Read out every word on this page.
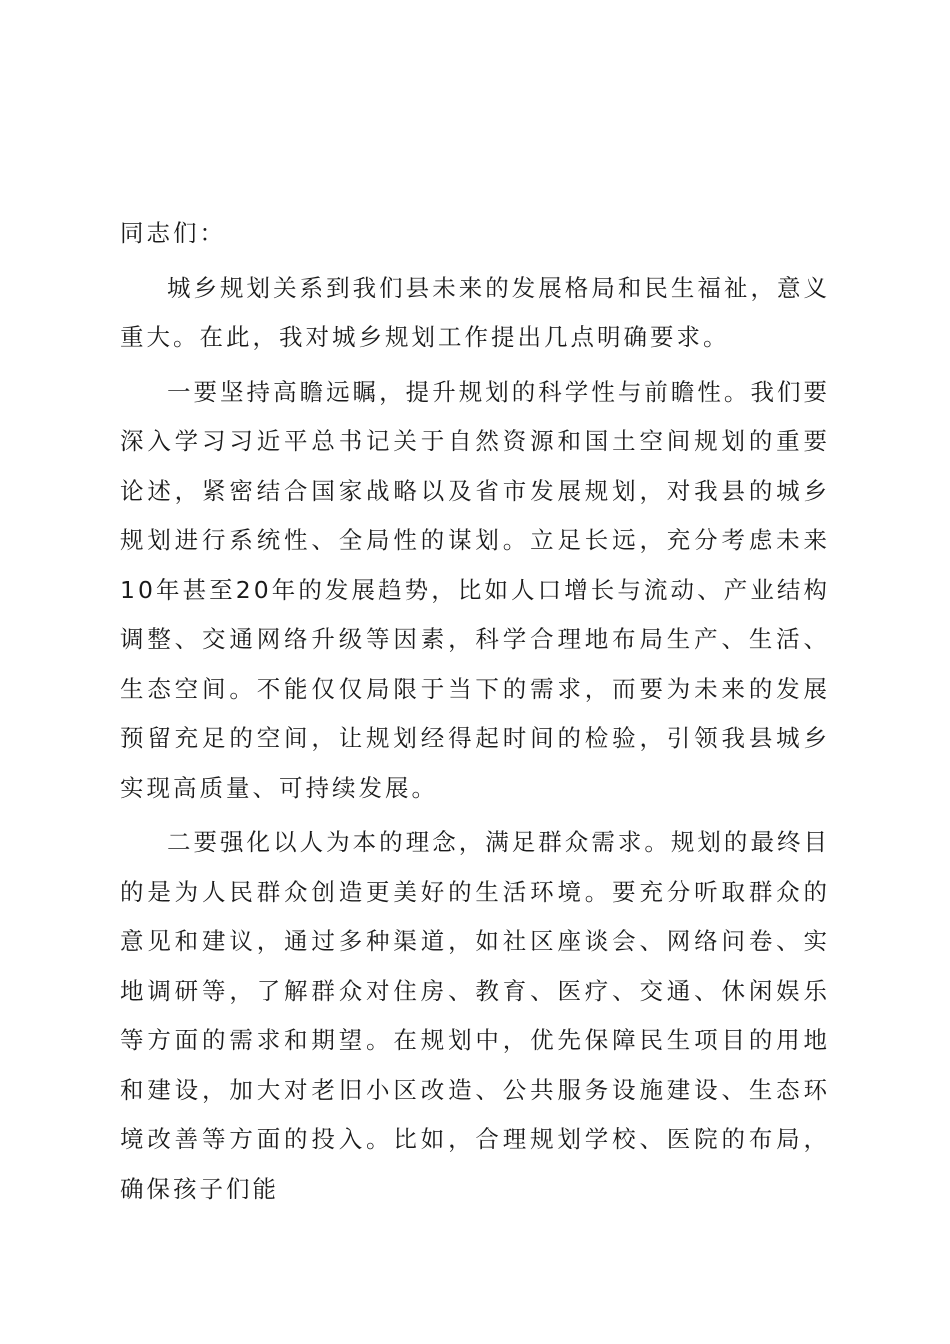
同志们：

城乡规划关系到我们县未来的发展格局和民生福祉，意义重大。在此，我对城乡规划工作提出几点明确要求。

一要坚持高瞻远瞩，提升规划的科学性与前瞻性。我们要深入学习习近平总书记关于自然资源和国土空间规划的重要论述，紧密结合国家战略以及省市发展规划，对我县的城乡规划进行系统性、全局性的谋划。立足长远，充分考虑未来10年甚至20年的发展趋势，比如人口增长与流动、产业结构调整、交通网络升级等因素，科学合理地布局生产、生活、生态空间。不能仅仅局限于当下的需求，而要为未来的发展预留充足的空间，让规划经得起时间的检验，引领我县城乡实现高质量、可持续发展。

二要强化以人为本的理念，满足群众需求。规划的最终目的是为人民群众创造更美好的生活环境。要充分听取群众的意见和建议，通过多种渠道，如社区座谈会、网络问卷、实地调研等，了解群众对住房、教育、医疗、交通、休闲娱乐等方面的需求和期望。在规划中，优先保障民生项目的用地和建设，加大对老旧小区改造、公共服务设施建设、生态环境改善等方面的投入。比如，合理规划学校、医院的布局，确保孩子们能
